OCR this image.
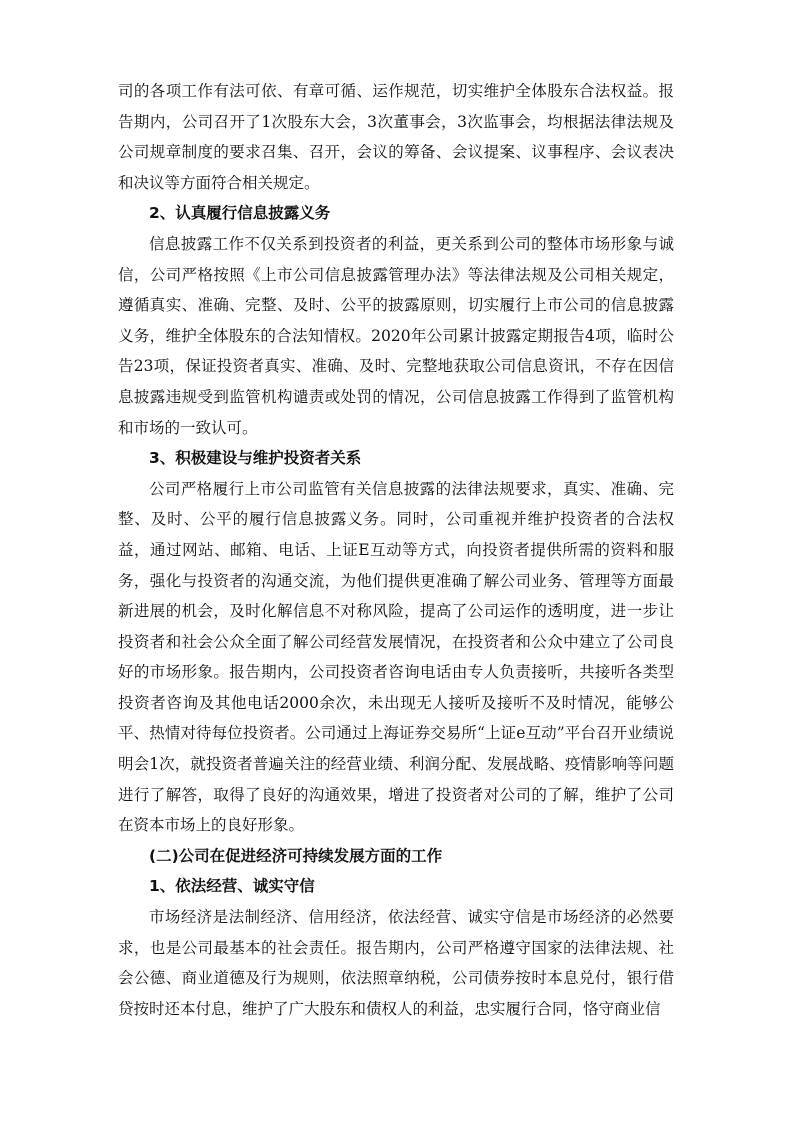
司的各项工作有法可依、有章可循、运作规范，切实维护全体股东合法权益。报告期内，公司召开了1次股东大会，3次董事会，3次监事会，均根据法律法规及公司规章制度的要求召集、召开，会议的筹备、会议提案、议事程序、会议表决和决议等方面符合相关规定。

2、认真履行信息披露义务

信息披露工作不仅关系到投资者的利益，更关系到公司的整体市场形象与诚信，公司严格按照《上市公司信息披露管理办法》等法律法规及公司相关规定，遵循真实、准确、完整、及时、公平的披露原则，切实履行上市公司的信息披露义务，维护全体股东的合法知情权。2020年公司累计披露定期报告4项，临时公告23项，保证投资者真实、准确、及时、完整地获取公司信息资讯，不存在因信息披露违规受到监管机构谴责或处罚的情况，公司信息披露工作得到了监管机构和市场的一致认可。

3、积极建设与维护投资者关系

公司严格履行上市公司监管有关信息披露的法律法规要求，真实、准确、完整、及时、公平的履行信息披露义务。同时，公司重视并维护投资者的合法权益，通过网站、邮箱、电话、上证E互动等方式，向投资者提供所需的资料和服务，强化与投资者的沟通交流，为他们提供更准确了解公司业务、管理等方面最新进展的机会，及时化解信息不对称风险，提高了公司运作的透明度，进一步让投资者和社会公众全面了解公司经营发展情况，在投资者和公众中建立了公司良好的市场形象。报告期内，公司投资者咨询电话由专人负责接听，共接听各类型投资者咨询及其他电话2000余次，未出现无人接听及接听不及时情况，能够公平、热情对待每位投资者。公司通过上海证券交易所“上证e互动”平台召开业绩说明会1次，就投资者普遍关注的经营业绩、利润分配、发展战略、疫情影响等问题进行了解答，取得了良好的沟通效果，增进了投资者对公司的了解，维护了公司在资本市场上的良好形象。

(二)公司在促进经济可持续发展方面的工作
1、依法经营、诚实守信

市场经济是法制经济、信用经济，依法经营、诚实守信是市场经济的必然要求，也是公司最基本的社会责任。报告期内，公司严格遵守国家的法律法规、社会公德、商业道德及行为规则，依法照章纳税，公司债券按时本息兑付，银行借贷按时还本付息，维护了广大股东和债权人的利益，忠实履行合同，恪守商业信
